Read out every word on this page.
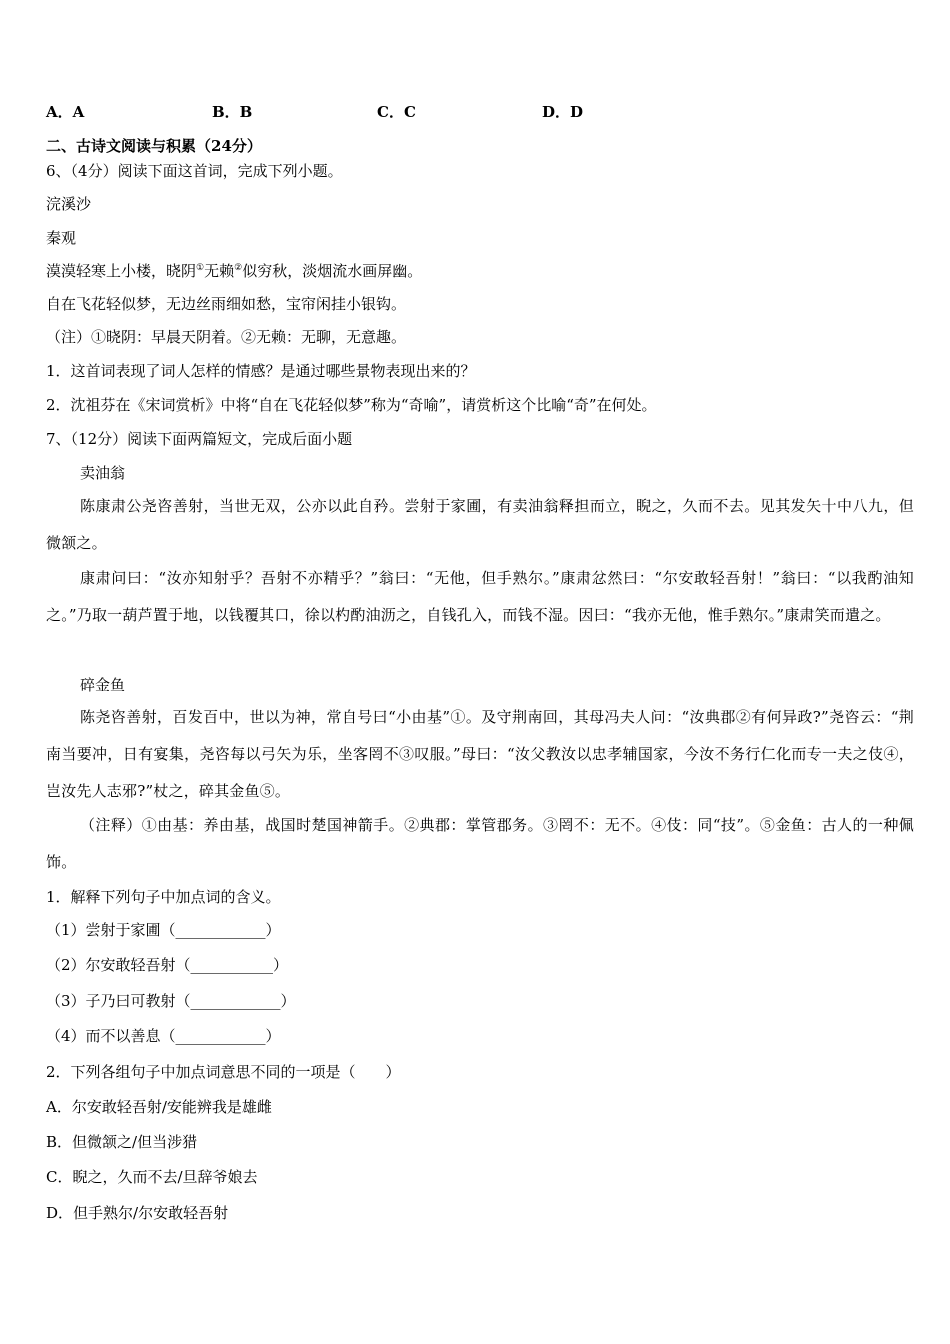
A．A	B．B	C．C	D．D
二、古诗文阅读与积累（24分）
6、（4分）阅读下面这首词，完成下列小题。
浣溪沙
秦观
漠漠轻寒上小楼，晓阴①无赖②似穷秋，淡烟流水画屏幽。
自在飞花轻似梦，无边丝雨细如愁，宝帘闲挂小银钩。
（注）①晓阴：早晨天阴着。②无赖：无聊，无意趣。
1．这首词表现了词人怎样的情感？是通过哪些景物表现出来的？
2．沈祖芬在《宋词赏析》中将“自在飞花轻似梦”称为“奇喻”，请赏析这个比喻“奇”在何处。
7、（12分）阅读下面两篇短文，完成后面小题
卖油翁
陈康肃公尧咨善射，当世无双，公亦以此自矜。尝射于家圃，有卖油翁释担而立，睨之，久而不去。见其发矢十中八九，但微颔之。
康肃问曰：“汝亦知射乎？吾射不亦精乎？”翁曰：“无他，但手熟尔。”康肃忿然曰：“尔安敢轻吾射！”翁曰：“以我酌油知之。”乃取一葫芦置于地，以钱覆其口，徐以杓酌油沥之，自钱孔入，而钱不湿。因曰：“我亦无他，惟手熟尔。”康肃笑而遣之。
碎金鱼
陈尧咨善射，百发百中，世以为神，常自号曰“小由基”①。及守荆南回，其母冯夫人问：“汝典郡②有何异政?”尧咨云：“荆南当要冲，日有宴集，尧咨每以弓矢为乐，坐客罔不③叹服。”母曰：“汝父教汝以忠孝辅国家，今汝不务行仁化而专一夫之伎④，岂汝先人志邪?”杖之，碎其金鱼⑤。
（注释）①由基：养由基，战国时楚国神箭手。②典郡：掌管郡务。③罔不：无不。④伎：同“技”。⑤金鱼：古人的一种佩饰。
1．解释下列句子中加点词的含义。
（1）尝射于家圃（____________）
（2）尔安敢轻吾射（___________）
（3）子乃曰可教射（____________）
（4）而不以善息（____________）
2．下列各组句子中加点词意思不同的一项是（　　）
A．尔安敢轻吾射/安能辨我是雄雌
B．但微颔之/但当涉猎
C．睨之，久而不去/旦辞爷娘去
D．但手熟尔/尔安敢轻吾射
